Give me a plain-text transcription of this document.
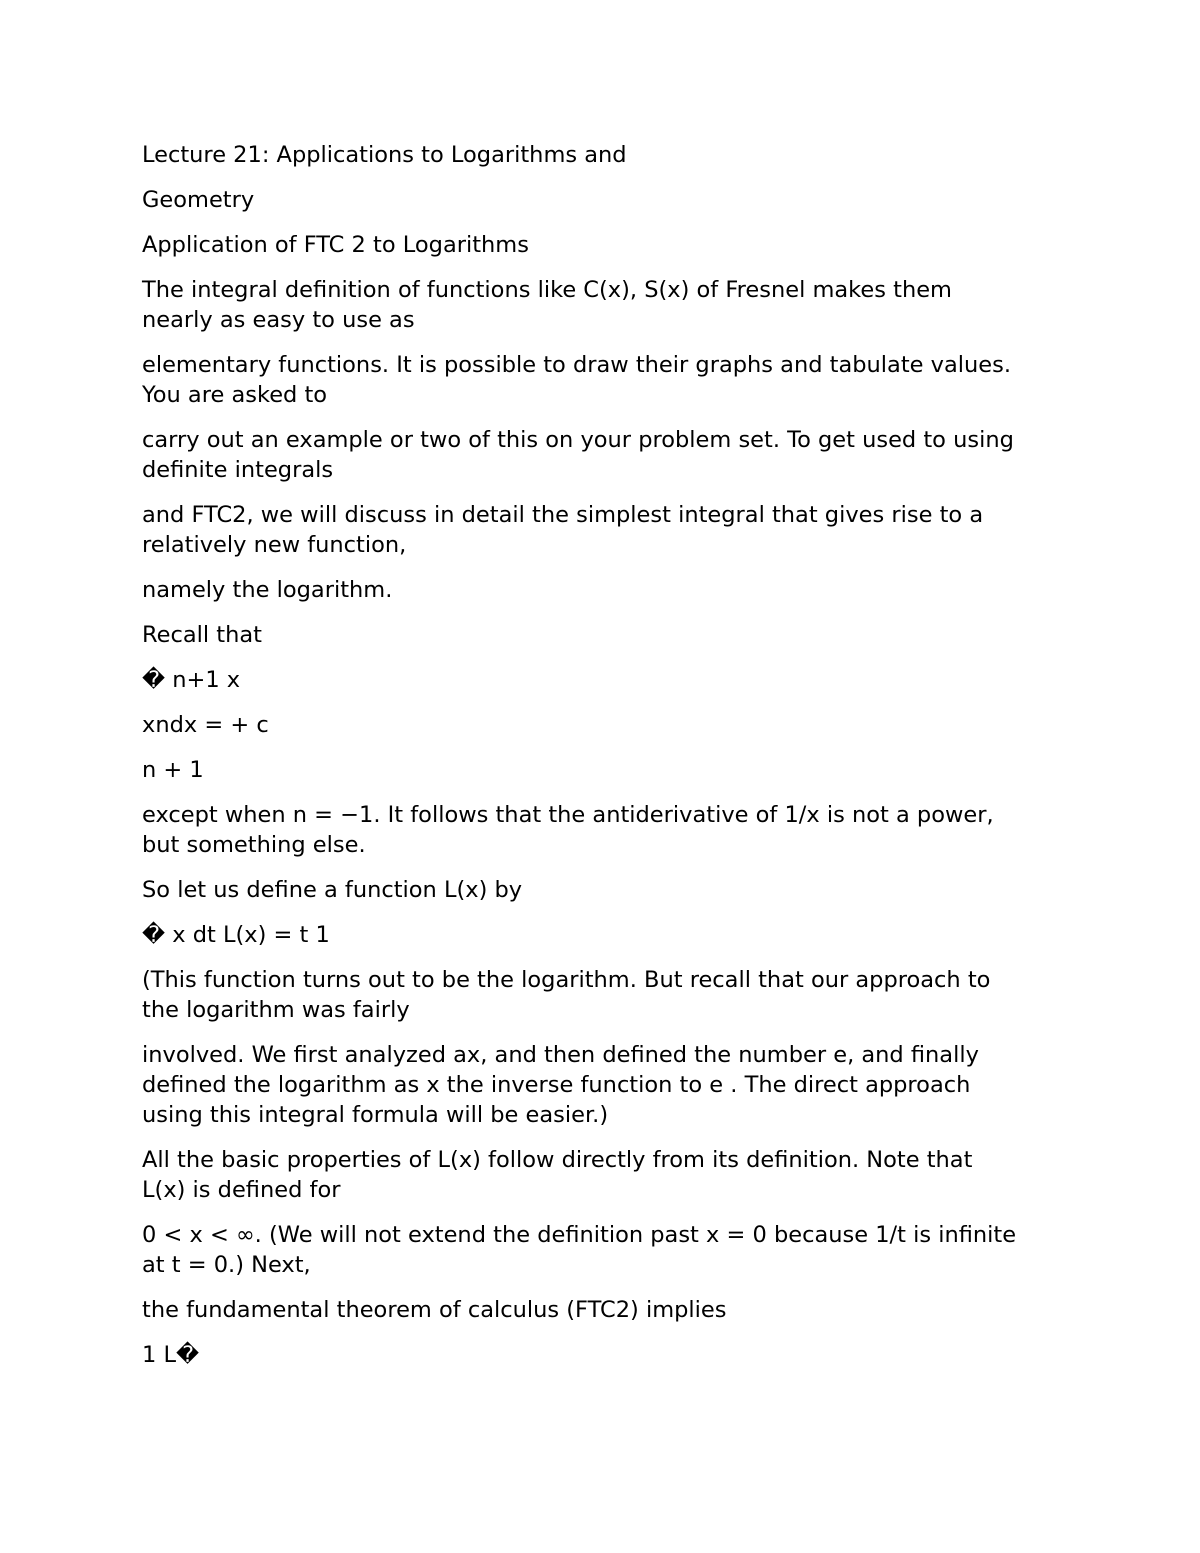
Lecture 21: Applications to Logarithms and

Geometry

Application of FTC 2 to Logarithms

The integral definition of functions like C(x), S(x) of Fresnel makes them
nearly as easy to use as

elementary functions. It is possible to draw their graphs and tabulate values.
You are asked to

carry out an example or two of this on your problem set. To get used to using
definite integrals

and FTC2, we will discuss in detail the simplest integral that gives rise to a
relatively new function,

namely the logarithm.

Recall that

� n+1 x

xndx = + c

n + 1

except when n = −1. It follows that the antiderivative of 1/x is not a power,
but something else.

So let us define a function L(x) by

� x dt L(x) = t 1

(This function turns out to be the logarithm. But recall that our approach to
the logarithm was fairly

involved. We first analyzed ax, and then defined the number e, and finally
defined the logarithm as x the inverse function to e . The direct approach
using this integral formula will be easier.)

All the basic properties of L(x) follow directly from its definition. Note that
L(x) is defined for

0 < x < ∞. (We will not extend the definition past x = 0 because 1/t is infinite
at t = 0.) Next,

the fundamental theorem of calculus (FTC2) implies

1 L�
